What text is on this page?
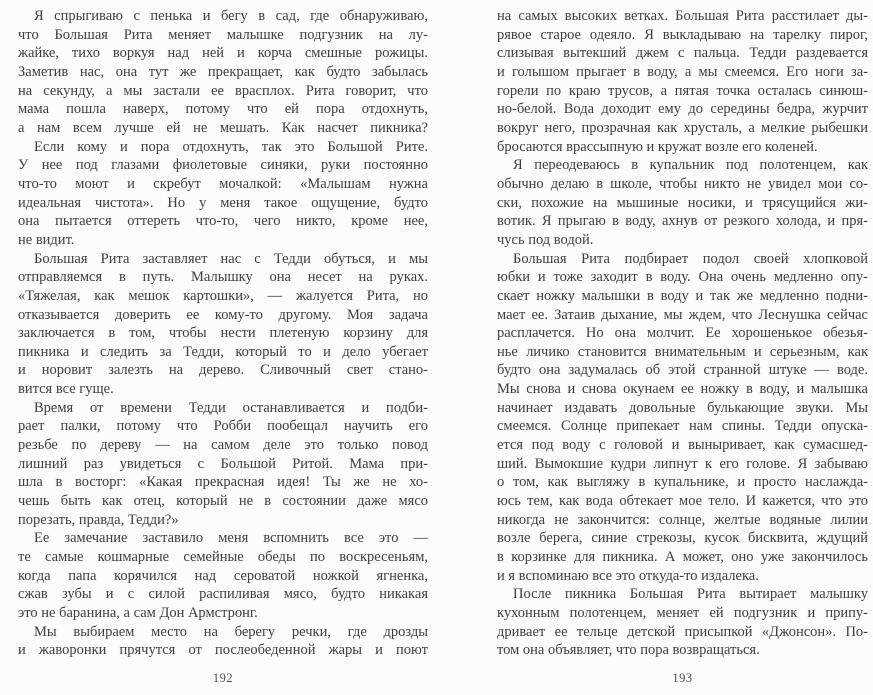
Я спрыгиваю с пенька и бегу в сад, где обнаруживаю,
что Большая Рита меняет малышке подгузник на лу-
жайке, тихо воркуя над ней и корча смешные рожицы.
Заметив нас, она тут же прекращает, как будто забылась
на секунду, а мы застали ее врасплох. Рита говорит, что
мама пошла наверх, потому что ей пора отдохнуть,
а нам всем лучше ей не мешать. Как насчет пикника?
Если кому и пора отдохнуть, так это Большой Рите.
У нее под глазами фиолетовые синяки, руки постоянно
что-то моют и скребут мочалкой: «Малышам нужна
идеальная чистота». Но у меня такое ощущение, будто
она пытается оттереть что-то, чего никто, кроме нее,
не видит.
Большая Рита заставляет нас с Тедди обуться, и мы
отправляемся в путь. Малышку она несет на руках.
«Тяжелая, как мешок картошки», — жалуется Рита, но
отказывается доверить ее кому-то другому. Моя задача
заключается в том, чтобы нести плетеную корзину для
пикника и следить за Тедди, который то и дело убегает
и норовит залезть на дерево. Сливочный свет стано-
вится все гуще.
Время от времени Тедди останавливается и подби-
рает палки, потому что Робби пообещал научить его
резьбе по дереву — на самом деле это только повод
лишний раз увидеться с Большой Ритой. Мама при-
шла в восторг: «Какая прекрасная идея! Ты же не хо-
чешь быть как отец, который не в состоянии даже мясо
порезать, правда, Тедди?»
Ее замечание заставило меня вспомнить все это —
те самые кошмарные семейные обеды по воскресеньям,
когда папа корячился над сероватой ножкой ягненка,
сжав зубы и с силой распиливая мясо, будто никакая
это не баранина, а сам Дон Армстронг.
Мы выбираем место на берегу речки, где дрозды
и жаворонки прячутся от послеобеденной жары и поют
192
на самых высоких ветках. Большая Рита расстилает ды-
рявое старое одеяло. Я выкладываю на тарелку пирог,
слизывая вытекший джем с пальца. Тедди раздевается
и голышом прыгает в воду, а мы смеемся. Его ноги за-
горели по краю трусов, а пятая точка осталась синюш-
но-белой. Вода доходит ему до середины бедра, журчит
вокруг него, прозрачная как хрусталь, а мелкие рыбешки
бросаются врассыпную и кружат возле его коленей.
Я переодеваюсь в купальник под полотенцем, как
обычно делаю в школе, чтобы никто не увидел мои со-
ски, похожие на мышиные носики, и трясущийся жи-
вотик. Я прыгаю в воду, ахнув от резкого холода, и пря-
чусь под водой.
Большая Рита подбирает подол своей хлопковой
юбки и тоже заходит в воду. Она очень медленно опу-
скает ножку малышки в воду и так же медленно подни-
мает ее. Затаив дыхание, мы ждем, что Леснушка сейчас
расплачется. Но она молчит. Ее хорошенькое обезья-
нье личико становится внимательным и серьезным, как
будто она задумалась об этой странной штуке — воде.
Мы снова и снова окунаем ее ножку в воду, и малышка
начинает издавать довольные булькающие звуки. Мы
смеемся. Солнце припекает нам спины. Тедди опуска-
ется под воду с головой и выныривает, как сумасшед-
ший. Вымокшие кудри липнут к его голове. Я забываю
о том, как выгляжу в купальнике, и просто наслажда-
юсь тем, как вода обтекает мое тело. И кажется, что это
никогда не закончится: солнце, желтые водяные лилии
возле берега, синие стрекозы, кусок бисквита, ждущий
в корзинке для пикника. А может, оно уже закончилось
и я вспоминаю все это откуда-то издалека.
После пикника Большая Рита вытирает малышку
кухонным полотенцем, меняет ей подгузник и припу-
дривает ее тельце детской присыпкой «Джонсон». По-
том она объявляет, что пора возвращаться.
193
